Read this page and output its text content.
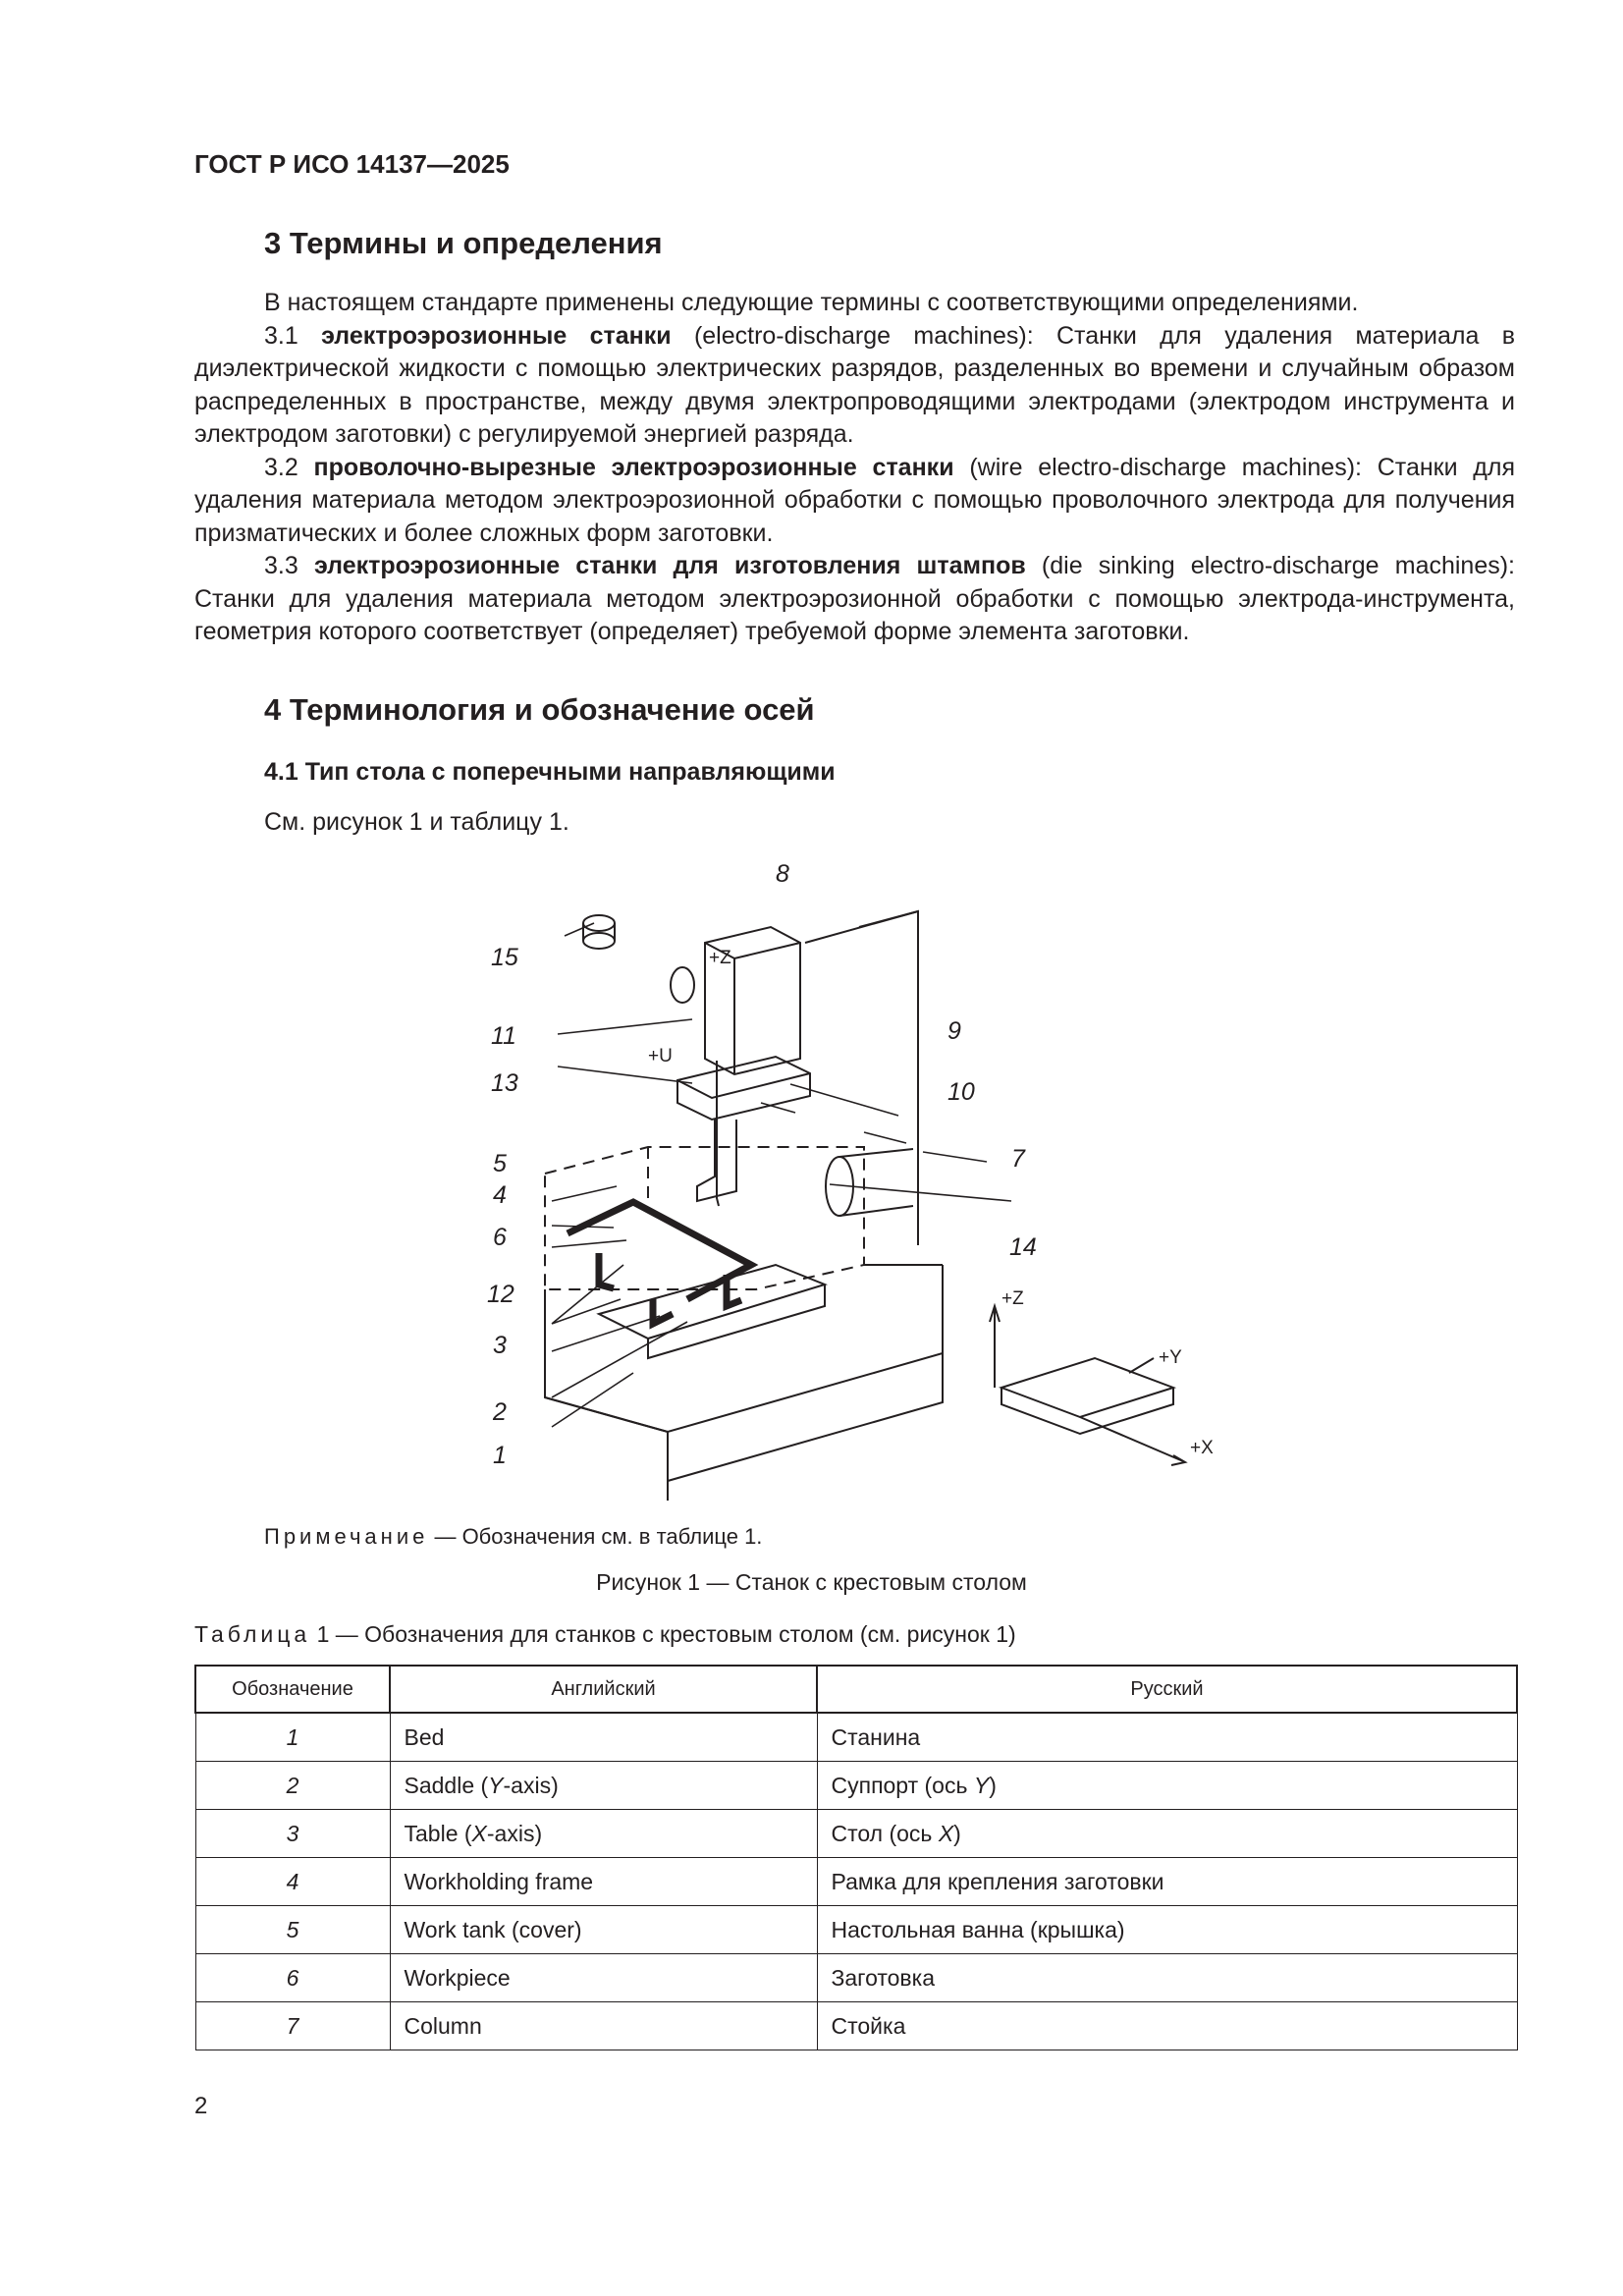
ГОСТ Р ИСО 14137—2025
3 Термины и определения

В настоящем стандарте применены следующие термины с соответствующими определениями.

3.1 электроэрозионные станки (electro-discharge machines): Станки для удаления материала в диэлектрической жидкости с помощью электрических разрядов, разделенных во времени и случайным образом распределенных в пространстве, между двумя электропроводящими электродами (электродом инструмента и электродом заготовки) с регулируемой энергией разряда.

3.2 проволочно-вырезные электроэрозионные станки (wire electro-discharge machines): Станки для удаления материала методом электроэрозионной обработки с помощью проволочного электрода для получения призматических и более сложных форм заготовки.

3.3 электроэрозионные станки для изготовления штампов (die sinking electro-discharge machines): Станки для удаления материала методом электроэрозионной обработки с помощью электрода-инструмента, геометрия которого соответствует (определяет) требуемой форме элемента заготовки.

4 Терминология и обозначение осей
4.1 Тип стола с поперечными направляющими

См. рисунок 1 и таблицу 1.

8
15
11
13
9
10
7
5
4
6	14
12
3
2
1
+Z
+U
+Z
+Y
+X
Примечание — Обозначения см. в таблице 1.
Рисунок 1 — Станок с крестовым столом
Таблица 1 — Обозначения для станков с крестовым столом (см. рисунок 1)
Обозначение	Английский	Русский
1	Bed	Станина
2	Saddle (Y-axis)	Суппорт (ось Y)
3	Table (X-axis)	Стол (ось X)
4	Workholding frame	Рамка для крепления заготовки
5	Work tank (cover)	Настольная ванна (крышка)
6	Workpiece	Заготовка
7	Column	Стойка
2
